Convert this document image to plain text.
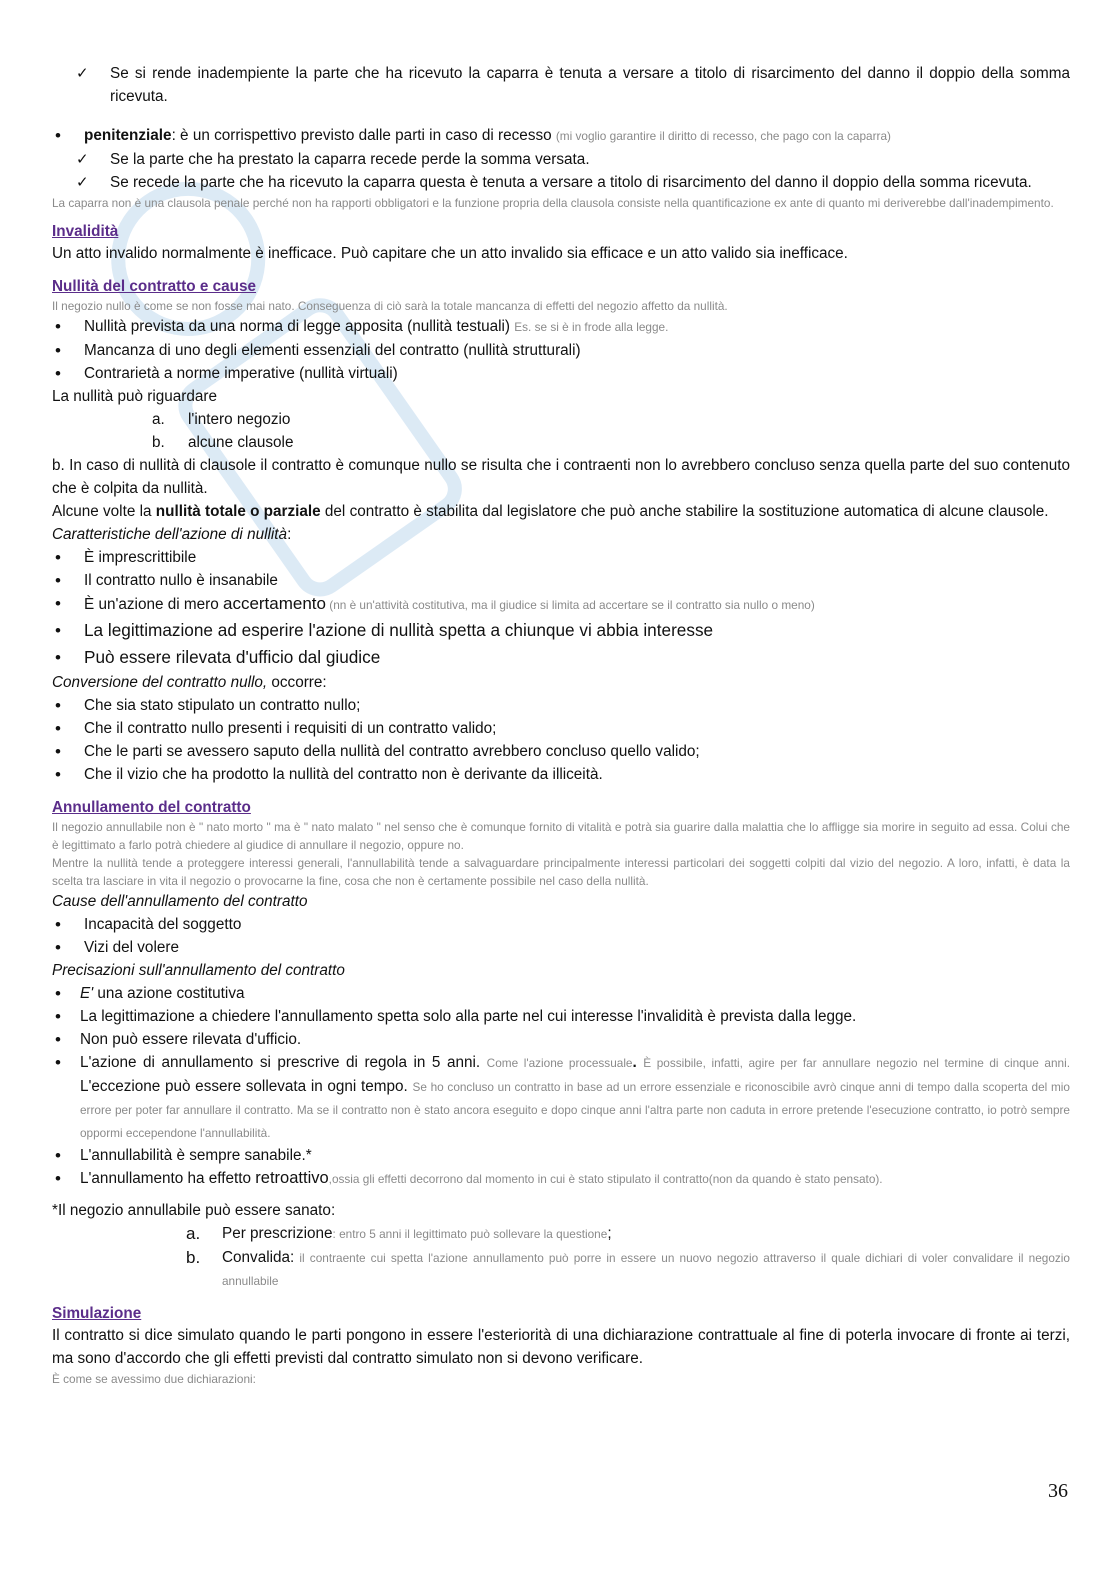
✓
Se si rende inadempiente la parte che ha ricevuto la caparra è tenuta a versare a titolo di risarcimento del danno il doppio della somma ricevuta.
•
penitenziale: è un corrispettivo previsto dalle parti in caso di recesso (mi voglio garantire il diritto di recesso, che pago con la caparra)
✓
Se la parte che ha prestato la caparra recede perde la somma versata.
✓
Se recede la parte che ha ricevuto la caparra questa è tenuta a versare a titolo di risarcimento del danno il doppio della somma ricevuta.
La caparra non è una clausola penale perché non ha rapporti obbligatori e la funzione propria della clausola consiste nella quantificazione ex ante di quanto mi deriverebbe dall'inadempimento.
Invalidità
Un atto invalido normalmente è inefficace. Può capitare che un atto invalido sia efficace e un atto valido sia inefficace.
Nullità del contratto e cause
Il negozio nullo è come se non fosse mai nato. Conseguenza di ciò sarà la totale mancanza di effetti del negozio affetto da nullità.
•
Nullità prevista da una norma di legge apposita (nullità testuali) Es. se si è in frode alla legge.
•
Mancanza di uno degli elementi essenziali del contratto (nullità strutturali)
•
Contrarietà a norme imperative (nullità virtuali)
La nullità può riguardare
a.	l'intero negozio
b.	alcune clausole
b. In caso di nullità di clausole il contratto è comunque nullo se risulta che i contraenti non lo avrebbero concluso senza quella parte del suo contenuto che è colpita da nullità.
Alcune volte la nullità totale o parziale del contratto è stabilita dal legislatore che può anche stabilire la sostituzione automatica di alcune clausole.
Caratteristiche dell'azione di nullità:
•
È imprescrittibile
•
Il contratto nullo è insanabile
•
È un'azione di mero accertamento (nn è un'attività costitutiva, ma il giudice si limita ad accertare se il contratto sia nullo o meno)
•
La legittimazione ad esperire l'azione di nullità spetta a chiunque vi abbia interesse
•
Può essere rilevata d'ufficio dal giudice
Conversione del contratto nullo, occorre:
•
Che sia stato stipulato un contratto nullo;
•
Che il contratto nullo presenti i requisiti di un contratto valido;
•
Che le parti se avessero saputo della nullità del contratto avrebbero concluso quello valido;
•
Che il vizio che ha prodotto la nullità del contratto non è derivante da illiceità.
Annullamento del contratto
Il negozio annullabile non è " nato morto " ma è " nato malato " nel senso che è comunque fornito di vitalità e potrà sia guarire dalla malattia che lo affligge sia morire in seguito ad essa. Colui che è legittimato a farlo potrà chiedere al giudice di annullare il negozio, oppure no.
Mentre la nullità tende a proteggere interessi generali, l'annullabilità tende a salvaguardare principalmente interessi particolari dei soggetti colpiti dal vizio del negozio. A loro, infatti, è data la scelta tra lasciare in vita il negozio o provocarne la fine, cosa che non è certamente possibile nel caso della nullità.
Cause dell'annullamento del contratto
•
Incapacità del soggetto
•
Vizi del volere
Precisazioni sull'annullamento del contratto
•
E' una azione costitutiva
•
La legittimazione a chiedere l'annullamento spetta solo alla parte nel cui interesse l'invalidità è prevista dalla legge.
•
Non può essere rilevata d'ufficio.
•
L'azione di annullamento si prescrive di regola in 5 anni. Come l'azione processuale. È possibile, infatti, agire per far annullare negozio nel termine di cinque anni. L'eccezione può essere sollevata in ogni tempo. Se ho concluso un contratto in base ad un errore essenziale e riconoscibile avrò cinque anni di tempo dalla scoperta del mio errore per poter far annullare il contratto. Ma se il contratto non è stato ancora eseguito e dopo cinque anni l'altra parte non caduta in errore pretende l'esecuzione contratto, io potrò sempre oppormi eccependone l'annullabilità.
•
L'annullabilità è sempre sanabile.*
•
L'annullamento ha effetto retroattivo,ossia gli effetti decorrono dal momento in cui è stato stipulato il contratto(non da quando è stato pensato).
*Il negozio annullabile può essere sanato:
a.	Per prescrizione: entro 5 anni il legittimato può sollevare la questione;
b.	Convalida: il contraente cui spetta l'azione annullamento può porre in essere un nuovo negozio attraverso il quale dichiari di voler convalidare il negozio annullabile
Simulazione
Il contratto si dice simulato quando le parti pongono in essere l'esteriorità di una dichiarazione contrattuale al fine di poterla invocare di fronte ai terzi, ma sono d'accordo che gli effetti previsti dal contratto simulato non si devono verificare.
È come se avessimo due dichiarazioni:
36
